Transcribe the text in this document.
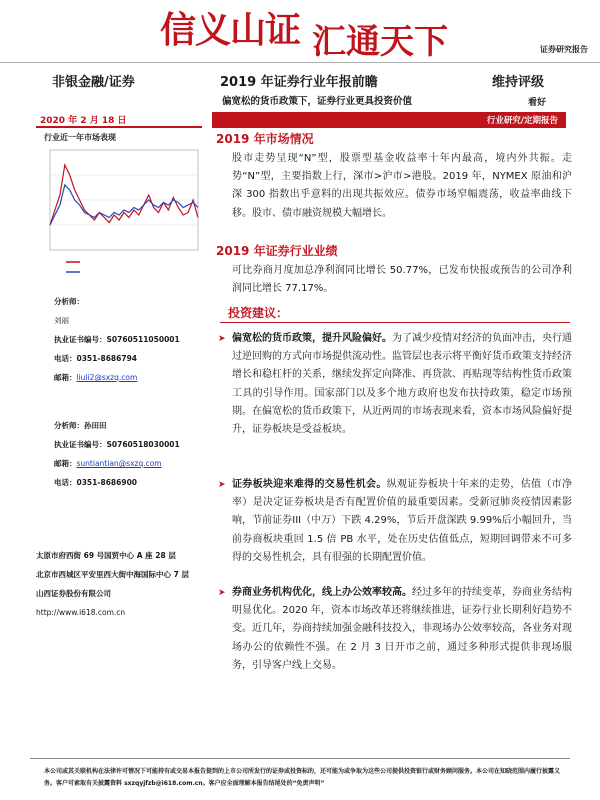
信义山证 汇通天下	证券研究报告
非银金融/证券	2019 年证券行业年报前瞻	维持评级
偏宽松的货币政策下，证券行业更具投资价值	看好
2020 年 2 月 18 日	行业研究/定期报告
行业近一年市场表现
分析师：
刘丽
执业证书编号：S0760511050001
电话：0351-8686794
邮箱：liuli2@sxzq.com
分析师：孙田田
执业证书编号：S0760518030001
邮箱：suntiantian@sxzq.com
电话：0351-8686900
太原市府西街 69 号国贸中心 A 座 28 层
北京市西城区平安里西大街中海国际中心 7 层
山西证券股份有限公司
http://www.i618.com.cn
2019 年市场情况
股市走势呈现“N”型，股票型基金收益率十年内最高，境内外共振。走势“N”型，主要指数上行，深市>沪市>港股。2019 年，NYMEX 原油和沪深 300 指数出乎意料的出现共振效应。债券市场窄幅震荡，收益率曲线下移。股市、债市融资规模大幅增长。
2019 年证券行业业绩
可比券商月度加总净利润同比增长 50.77%，已发布快报或预告的公司净利润同比增长 77.17%。
投资建议：
➤ 偏宽松的货币政策，提升风险偏好。为了减少疫情对经济的负面冲击，央行通过逆回购的方式向市场提供流动性。监管层也表示将平衡好货币政策支持经济增长和稳杠杆的关系，继续发挥定向降准、再贷款、再贴现等结构性货币政策工具的引导作用。国家部门以及多个地方政府也发布扶持政策，稳定市场预期。在偏宽松的货币政策下，从近两周的市场表现来看，资本市场风险偏好提升，证券板块是受益板块。
➤ 证券板块迎来难得的交易性机会。纵观证券板块十年来的走势，估值（市净率）是决定证券板块是否有配置价值的最重要因素。受新冠肺炎疫情因素影响，节前证券III（中万）下跌 4.29%，节后开盘深跌 9.99%后小幅回升，当前券商板块重回 1.5 倍 PB 水平，处在历史估值低点，短期回调带来不可多得的交易性机会，具有很强的长期配置价值。
➤ 券商业务机构优化，线上办公效率较高。经过多年的持续变革，券商业务结构明显优化。2020 年，资本市场改革还将继续推进，证券行业长期利好趋势不变。近几年，券商持续加强金融科技投入，非现场办公效率较高，各业务对现场办公的依赖性不强。在 2 月 3 日开市之前，通过多种形式提供非现场服务，引导客户线上交易。
本公司或其关联机构在法律许可情况下可能持有或交易本报告提到的上市公司所发行的证券或投资标的，还可能为或争取为这些公司提供投资银行或财务顾问服务。本公司在知晓范围内履行披露义务。客户可索取有关披露资料 sxzqyjfzb@i618.com.cn。客户应全面理解本报告结尾处的“免责声明”
